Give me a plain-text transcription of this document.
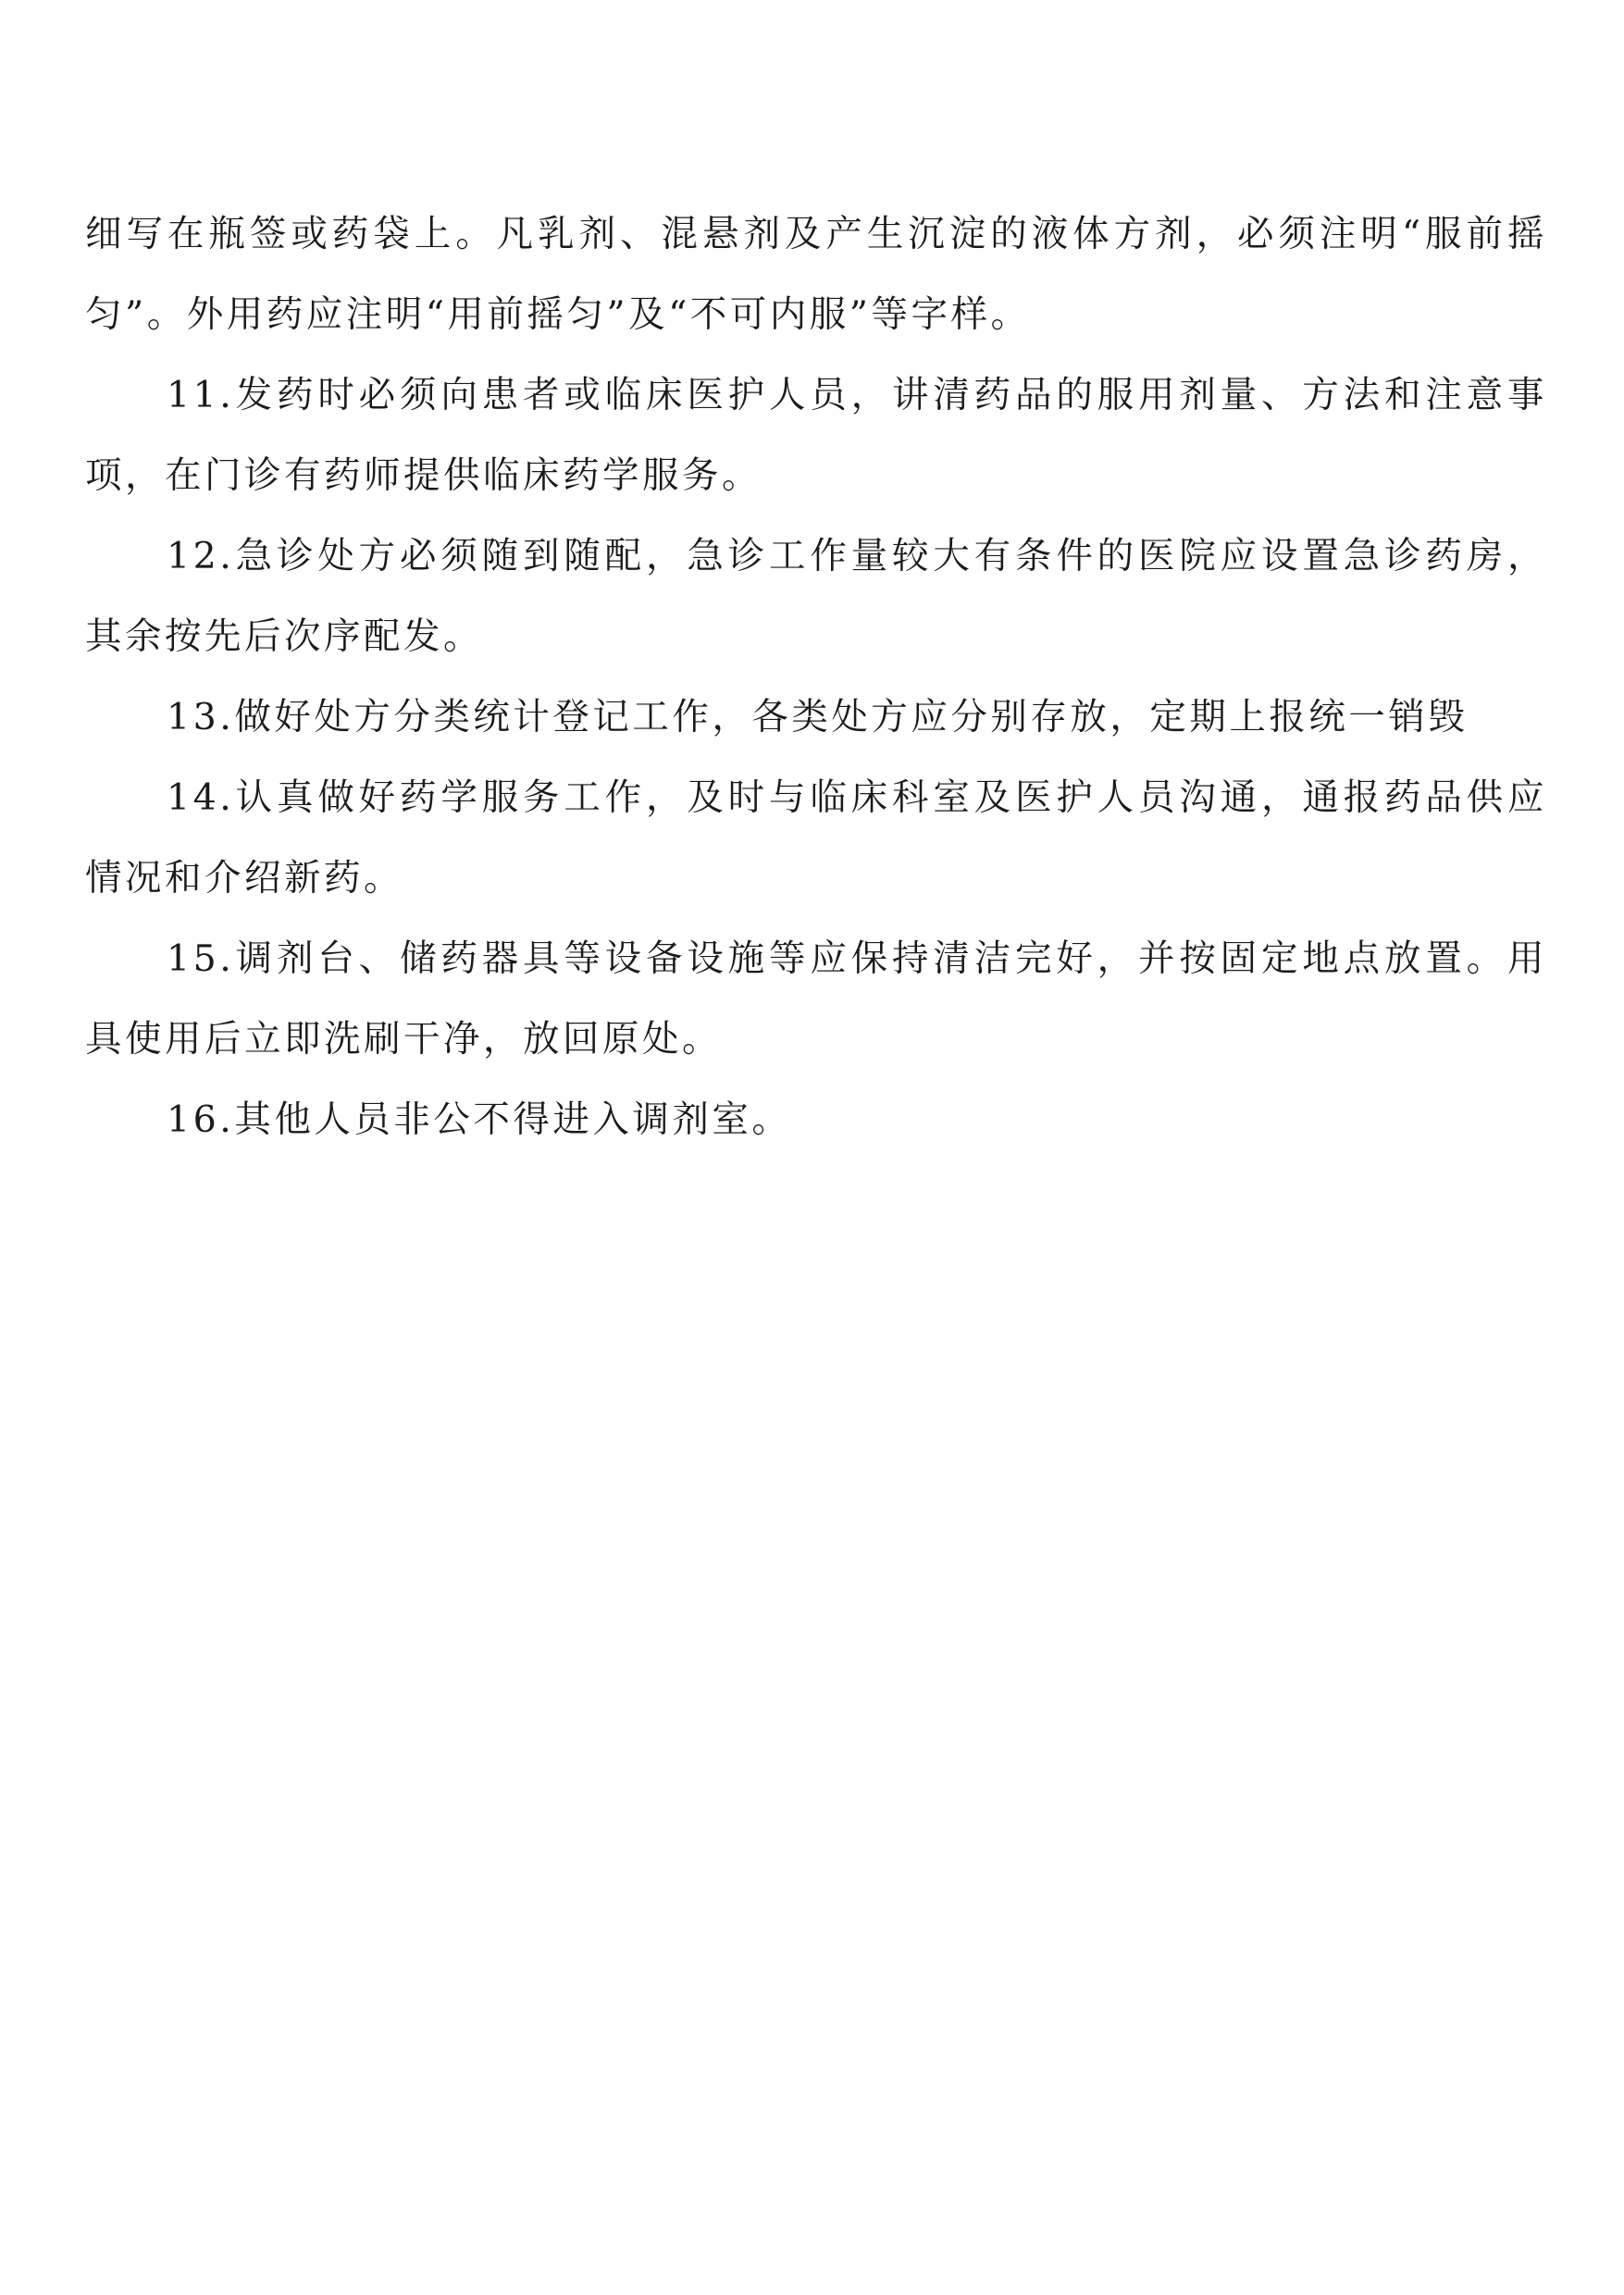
细写在瓶签或药袋上。凡乳剂、混悬剂及产生沉淀的液体方剂，必须注明“服前摇匀”。外用药应注明“用前摇匀”及“不可内服”等字样。

11.发药时必须向患者或临床医护人员，讲清药品的服用剂量、方法和注意事项，在门诊有药师提供临床药学服务。

12.急诊处方必须随到随配，急诊工作量较大有条件的医院应设置急诊药房，其余按先后次序配发。

13.做好处方分类统计登记工作，各类处方应分别存放，定期上报统一销毁

14.认真做好药学服务工作，及时与临床科室及医护人员沟通，通报药品供应情况和介绍新药。

15.调剂台、储药器具等设备设施等应保持清洁完好，并按固定地点放置。用具使用后立即洗刷干净，放回原处。

16.其他人员非公不得进入调剂室。
